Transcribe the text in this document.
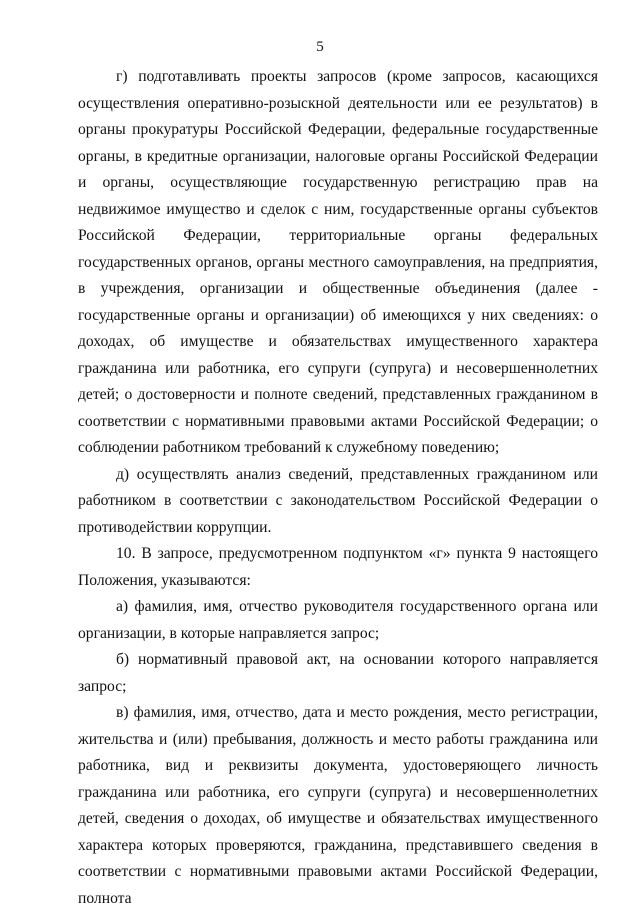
5

г) подготавливать проекты запросов (кроме запросов, касающихся осуществления оперативно-розыскной деятельности или ее результатов) в органы прокуратуры Российской Федерации, федеральные государственные органы, в кредитные организации, налоговые органы Российской Федерации и органы, осуществляющие государственную регистрацию прав на недвижимое имущество и сделок с ним, государственные органы субъектов Российской Федерации, территориальные органы федеральных государственных органов, органы местного самоуправления, на предприятия, в учреждения, организации и общественные объединения (далее - государственные органы и организации) об имеющихся у них сведениях: о доходах, об имуществе и обязательствах имущественного характера гражданина или работника, его супруги (супруга) и несовершеннолетних детей; о достоверности и полноте сведений, представленных гражданином в соответствии с нормативными правовыми актами Российской Федерации; о соблюдении работником требований к служебному поведению;

д) осуществлять анализ сведений, представленных гражданином или работником в соответствии с законодательством Российской Федерации о противодействии коррупции.

10. В запросе, предусмотренном подпунктом «г» пункта 9 настоящего Положения, указываются:

а) фамилия, имя, отчество руководителя государственного органа или организации, в которые направляется запрос;

б) нормативный правовой акт, на основании которого направляется запрос;

в) фамилия, имя, отчество, дата и место рождения, место регистрации, жительства и (или) пребывания, должность и место работы гражданина или работника, вид и реквизиты документа, удостоверяющего личность гражданина или работника, его супруги (супруга) и несовершеннолетних детей, сведения о доходах, об имуществе и обязательствах имущественного характера которых проверяются, гражданина, представившего сведения в соответствии с нормативными правовыми актами Российской Федерации, полнота
